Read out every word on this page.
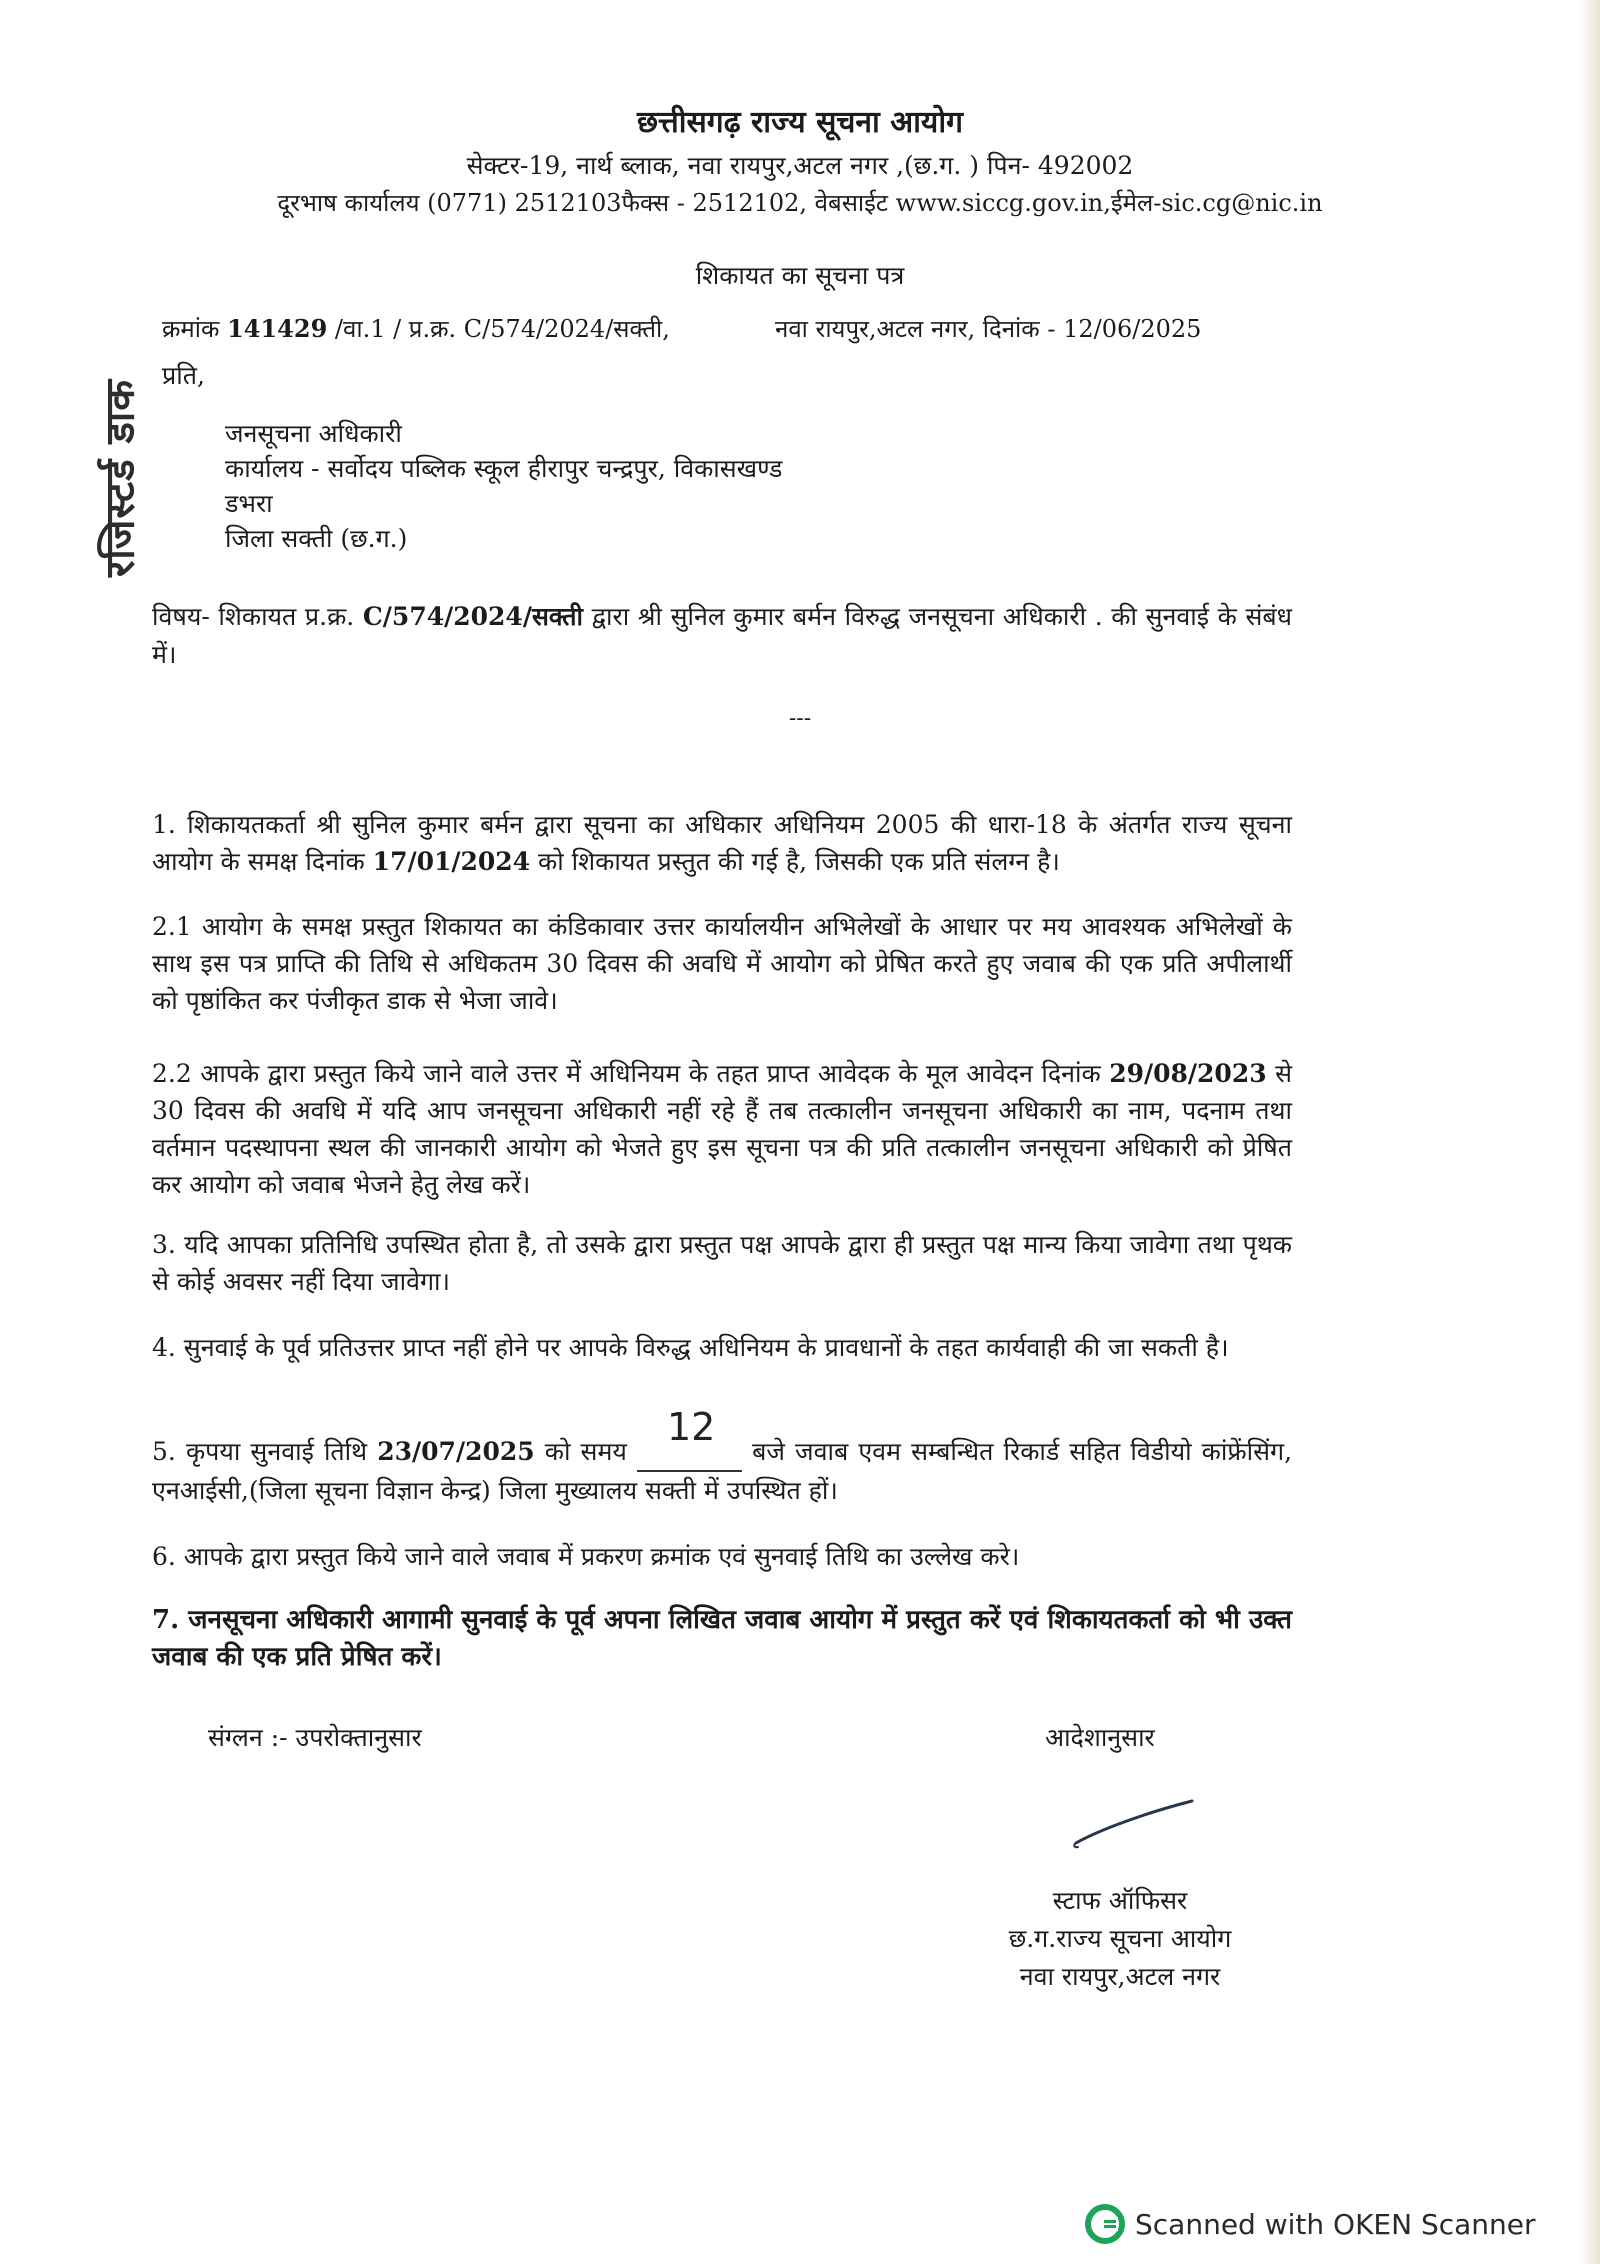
छत्तीसगढ़ राज्य सूचना आयोग
सेक्टर-19, नार्थ ब्लाक, नवा रायपुर,अटल नगर ,(छ.ग. ) पिन- 492002
दूरभाष कार्यालय (0771) 2512103फैक्स - 2512102, वेबसाईट www.siccg.gov.in,ईमेल-sic.cg@nic.in
शिकायत का सूचना पत्र
क्रमांक 141429 /वा.1 / प्र.क्र. C/574/2024/सक्ती,	नवा रायपुर,अटल नगर, दिनांक - 12/06/2025
रजिस्टर्ड डाक
प्रति,
जनसूचना अधिकारी
कार्यालय - सर्वोदय पब्लिक स्कूल हीरापुर चन्द्रपुर, विकासखण्ड
डभरा
जिला सक्ती (छ.ग.)
विषय- शिकायत प्र.क्र. C/574/2024/सक्ती द्वारा श्री सुनिल कुमार बर्मन विरुद्ध जनसूचना अधिकारी . की सुनवाई के संबंध में।
---
1. शिकायतकर्ता श्री सुनिल कुमार बर्मन द्वारा सूचना का अधिकार अधिनियम 2005 की धारा-18 के अंतर्गत राज्य सूचना आयोग के समक्ष दिनांक 17/01/2024 को शिकायत प्रस्तुत की गई है, जिसकी एक प्रति संलग्न है।
2.1 आयोग के समक्ष प्रस्तुत शिकायत का कंडिकावार उत्तर कार्यालयीन अभिलेखों के आधार पर मय आवश्यक अभिलेखों के साथ इस पत्र प्राप्ति की तिथि से अधिकतम 30 दिवस की अवधि में आयोग को प्रेषित करते हुए जवाब की एक प्रति अपीलार्थी को पृष्ठांकित कर पंजीकृत डाक से भेजा जावे।
2.2 आपके द्वारा प्रस्तुत किये जाने वाले उत्तर में अधिनियम के तहत प्राप्त आवेदक के मूल आवेदन दिनांक 29/08/2023 से 30 दिवस की अवधि में यदि आप जनसूचना अधिकारी नहीं रहे हैं तब तत्कालीन जनसूचना अधिकारी का नाम, पदनाम तथा वर्तमान पदस्थापना स्थल की जानकारी आयोग को भेजते हुए इस सूचना पत्र की प्रति तत्कालीन जनसूचना अधिकारी को प्रेषित कर आयोग को जवाब भेजने हेतु लेख करें।
3. यदि आपका प्रतिनिधि उपस्थित होता है, तो उसके द्वारा प्रस्तुत पक्ष आपके द्वारा ही प्रस्तुत पक्ष मान्य किया जावेगा तथा पृथक से कोई अवसर नहीं दिया जावेगा।
4. सुनवाई के पूर्व प्रतिउत्तर प्राप्त नहीं होने पर आपके विरुद्ध अधिनियम के प्रावधानों के तहत कार्यवाही की जा सकती है।
5. कृपया सुनवाई तिथि 23/07/2025 को समय
12
बजे जवाब एवम सम्बन्धित रिकार्ड सहित विडीयो कांफ्रेंसिंग, एनआईसी,(जिला सूचना विज्ञान केन्द्र) जिला मुख्यालय सक्ती में उपस्थित हों।
6. आपके द्वारा प्रस्तुत किये जाने वाले जवाब में प्रकरण क्रमांक एवं सुनवाई तिथि का उल्लेख करे।
7. जनसूचना अधिकारी आगामी सुनवाई के पूर्व अपना लिखित जवाब आयोग में प्रस्तुत करें एवं शिकायतकर्ता को भी उक्त जवाब की एक प्रति प्रेषित करें।
संग्लन :- उपरोक्तानुसार	आदेशानुसार
स्टाफ ऑफिसर
छ.ग.राज्य सूचना आयोग
नवा रायपुर,अटल नगर
Scanned with OKEN Scanner
